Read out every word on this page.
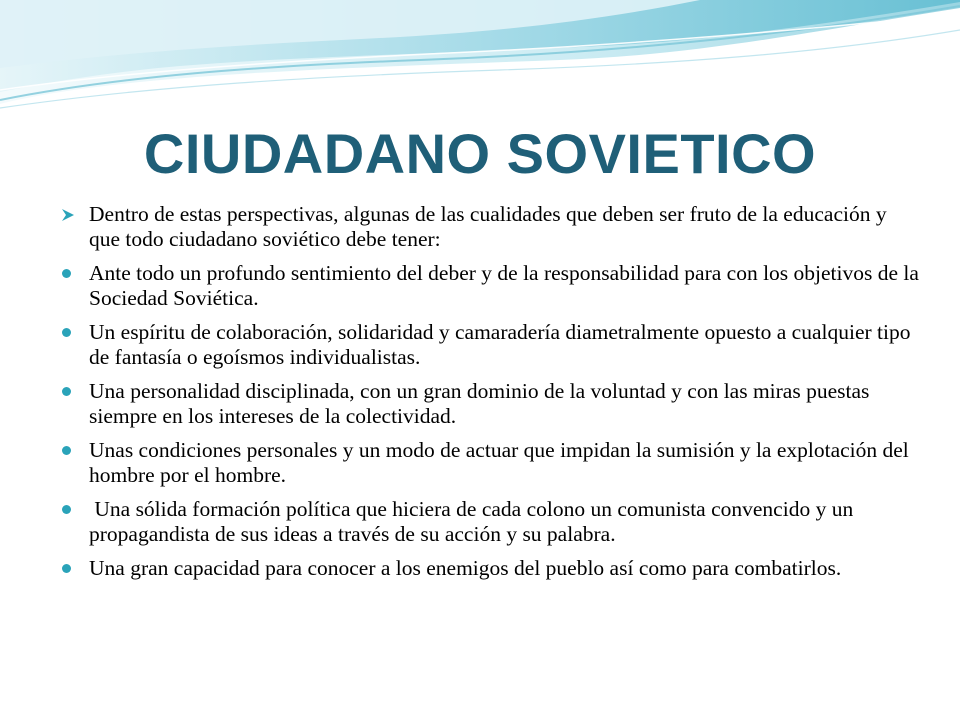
CIUDADANO SOVIETICO
Dentro de estas perspectivas, algunas de las cualidades que deben ser fruto de la educación y que todo ciudadano soviético debe tener:
Ante todo un profundo sentimiento del deber y de la responsabilidad para con los objetivos de la Sociedad Soviética.
Un espíritu de colaboración, solidaridad y camaradería diametralmente opuesto a cualquier tipo de fantasía o egoísmos individualistas.
Una personalidad disciplinada, con un gran dominio de la voluntad y con las miras puestas siempre en los intereses de la colectividad.
Unas condiciones personales y un modo de actuar que impidan la sumisión y la explotación del hombre por el hombre.
Una sólida formación política que hiciera de cada colono un comunista convencido y un propagandista de sus ideas a través de su acción y su palabra.
Una gran capacidad para conocer a los enemigos del pueblo así como para combatirlos.
